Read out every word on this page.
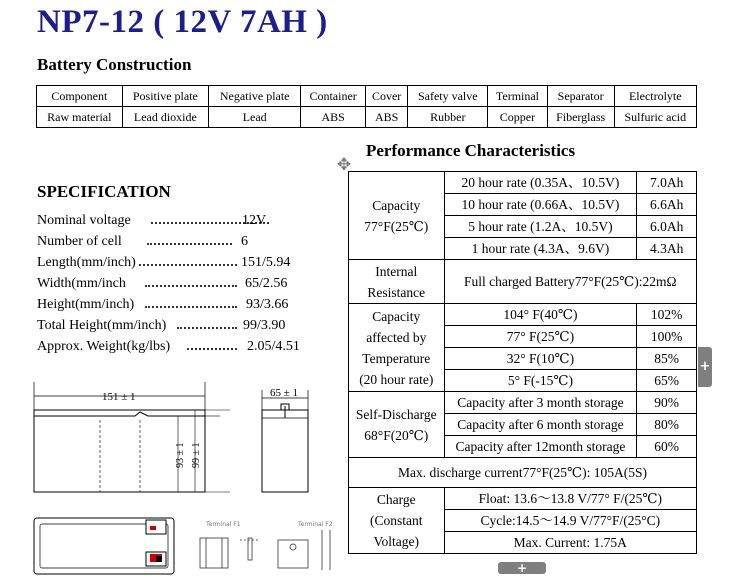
NP7-12 ( 12V 7AH )
Battery Construction
Component	Positive plate	Negative plate	Container	Cover	Safety valve	Terminal	Separator	Electrolyte
Raw material	Lead dioxide	Lead	ABS	ABS	Rubber	Copper	Fiberglass	Sulfuric acid
SPECIFICATION
Nominal voltage	12V
Number of cell	6
Length(mm/inch)	151/5.94
Width(mm/inch	65/2.56
Height(mm/inch)	93/3.66
Total Height(mm/inch)	99/3.90
Approx. Weight(kg/lbs)	2.05/4.51
✥
Performance Characteristics
Capacity
77°F(25℃)	20 hour rate (0.35A、10.5V)	7.0Ah
	10 hour rate (0.66A、10.5V)	6.6Ah
	5 hour rate (1.2A、10.5V)	6.0Ah
	1 hour rate (4.3A、9.6V)	4.3Ah
Internal
Resistance	Full charged Battery77°F(25℃):22mΩ	
Capacity
affected by
Temperature
(20 hour rate)	104° F(40℃)	102%
	77° F(25℃)	100%
	32° F(10℃)	85%
	5° F(-15℃)	65%
Self-Discharge
68°F(20℃)	Capacity after 3 month storage	90%
	Capacity after 6 month storage	80%
	Capacity after 12month storage	60%
Max. discharge current77°F(25℃): 105A(5S)		
Charge
(Constant
Voltage)	Float: 13.6～13.8 V/77° F/(25℃)	
	Cycle:14.5～14.9 V/77°F/(25°C)	
	Max. Current: 1.75A	
+
+
151 ± 1
93 ± 1 99 ± 1
65 ± 1
Terminal F1	Terminal F2
